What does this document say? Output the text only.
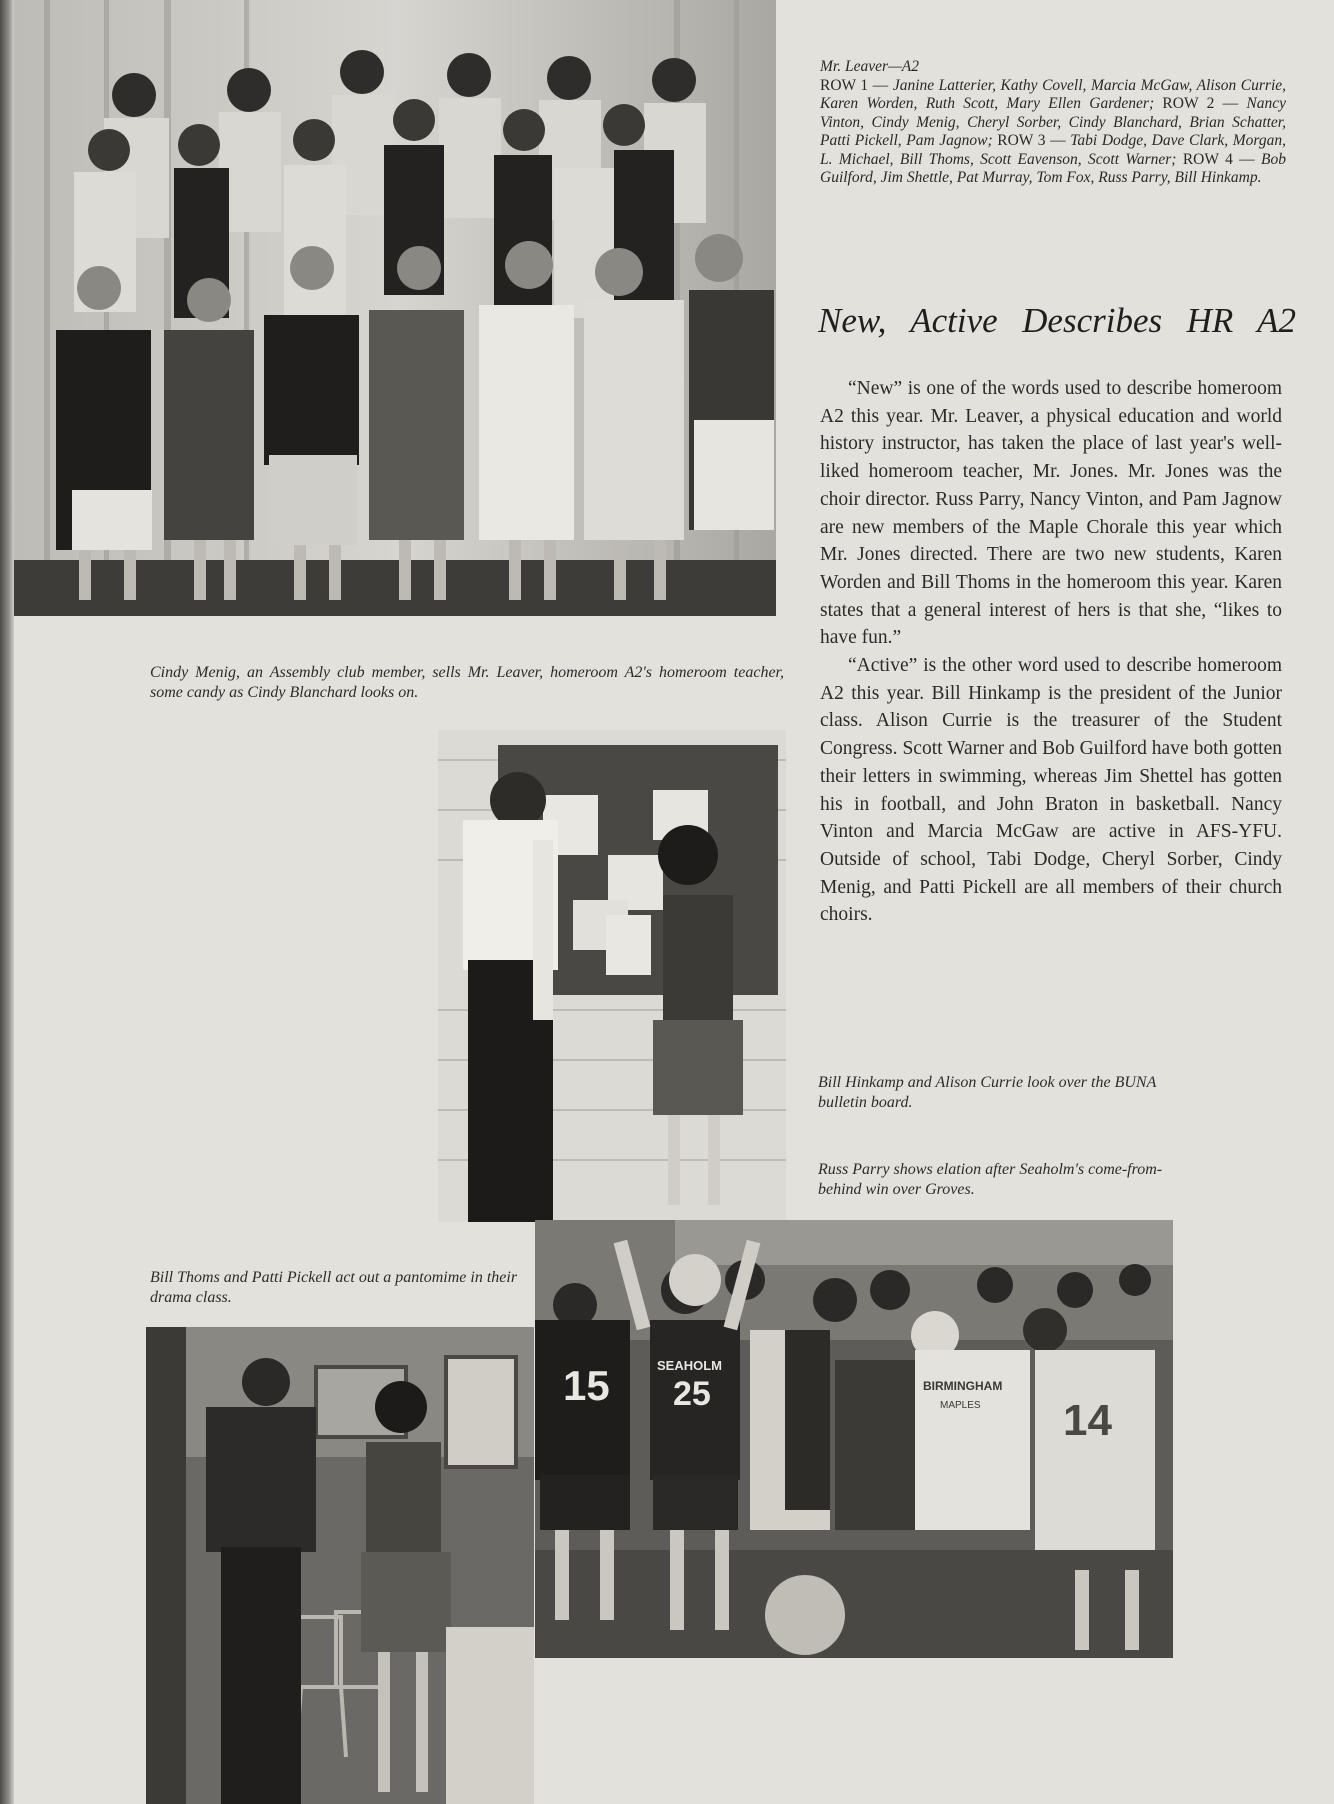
Mr. Leaver—A2
ROW 1 — Janine Latterier, Kathy Covell, Marcia McGaw, Alison Currie, Karen Worden, Ruth Scott, Mary Ellen Gardener; ROW 2 — Nancy Vinton, Cindy Menig, Cheryl Sorber, Cindy Blanchard, Brian Schatter, Patti Pickell, Pam Jagnow; ROW 3 — Tabi Dodge, Dave Clark, Morgan, L. Michael, Bill Thoms, Scott Eavenson, Scott Warner; ROW 4 — Bob Guilford, Jim Shettle, Pat Murray, Tom Fox, Russ Parry, Bill Hinkamp.
New, Active Describes HR A2

“New” is one of the words used to describe homeroom A2 this year. Mr. Leaver, a physical education and world history instructor, has taken the place of last year's well-liked homeroom teacher, Mr. Jones. Mr. Jones was the choir director. Russ Parry, Nancy Vinton, and Pam Jagnow are new members of the Maple Chorale this year which Mr. Jones directed. There are two new students, Karen Worden and Bill Thoms in the homeroom this year. Karen states that a general interest of hers is that she, “likes to have fun.”

“Active” is the other word used to describe homeroom A2 this year. Bill Hinkamp is the president of the Junior class. Alison Currie is the treasurer of the Student Congress. Scott Warner and Bob Guilford have both gotten their letters in swimming, whereas Jim Shettel has gotten his in football, and John Braton in basketball. Nancy Vinton and Marcia McGaw are active in AFS-YFU. Outside of school, Tabi Dodge, Cheryl Sorber, Cindy Menig, and Patti Pickell are all members of their church choirs.

Cindy Menig, an Assembly club member, sells Mr. Leaver, homeroom A2's homeroom teacher, some candy as Cindy Blanchard looks on.
Bill Hinkamp and Alison Currie look over the BUNA bulletin board.
Russ Parry shows elation after Seaholm's come-from-behind win over Groves.
Bill Thoms and Patti Pickell act out a pantomime in their drama class.
15	SEAHOLM
25	BIRMINGHAM
MAPLES 14
